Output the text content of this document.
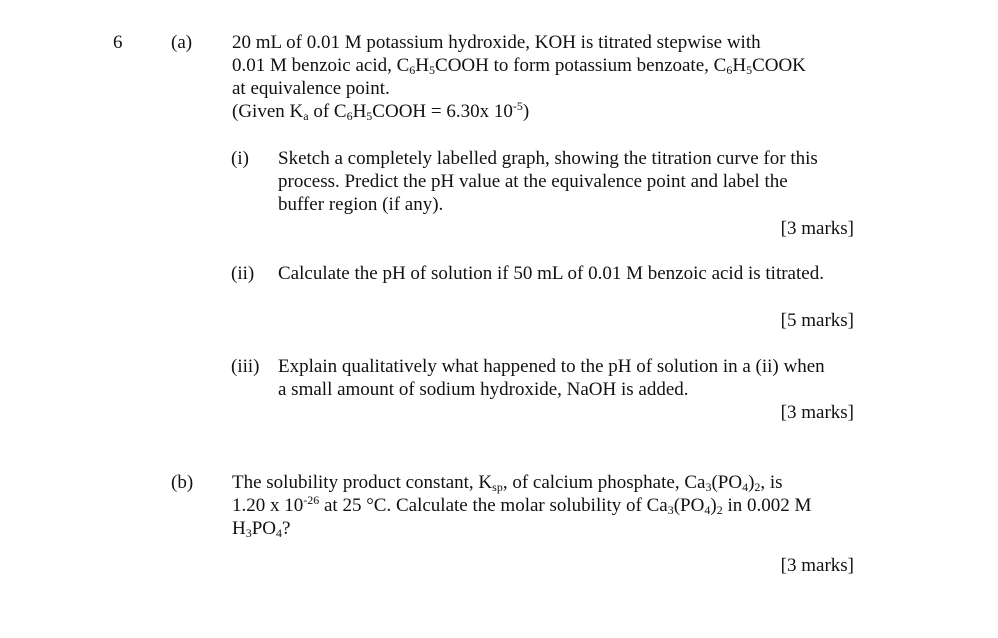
6	(a) 20 mL of 0.01 M potassium hydroxide, KOH is titrated stepwise with
0.01 M benzoic acid, $C_6H_5COOH$ to form potassium benzoate, $C_6H_5COOK$
at equivalence point.
(Given $K_a$ of $C_6H_5COOH = 6.30x$ $10^{-5}$)
(i) Sketch a completely labelled graph, showing the titration curve for this
process. Predict the pH value at the equivalence point and label the
buffer region (if any).
[3 marks]
(ii) Calculate the pH of solution if 50 mL of 0.01 M benzoic acid is titrated.
[5 marks]
(iii) Explain qualitatively what happened to the pH of solution in a (ii) when
a small amount of sodium hydroxide, NaOH is added.
[3 marks]
(b) The solubility product constant, $K_{sp}$, of calcium phosphate, $Ca_3(PO_4)_2$, is
1.20 x $10^{-26}$ at 25 °C. Calculate the molar solubility of $Ca_3(PO_4)_2$ in 0.002 M
$H_3PO_4$?
[3 marks]
